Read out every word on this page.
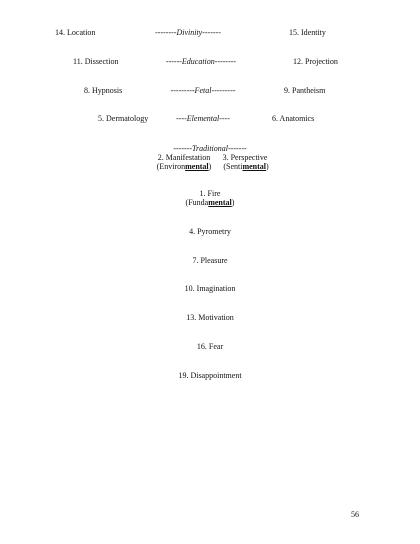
14. Location	--------Divinity-------	15. Identity
11. Dissection	------Education--------	12. Projection
8. Hypnosis	---------Fetal---------	9. Pantheism
5. Dermatology	----Elemental----	6. Anatomics
-------Traditional-------
2. Manifestation 3. Perspective
(Environmental) (Sentimental)
1. Fire
(Fundamental)
4. Pyrometry
7. Pleasure
10. Imagination
13. Motivation
16. Fear
19. Disappointment
56
